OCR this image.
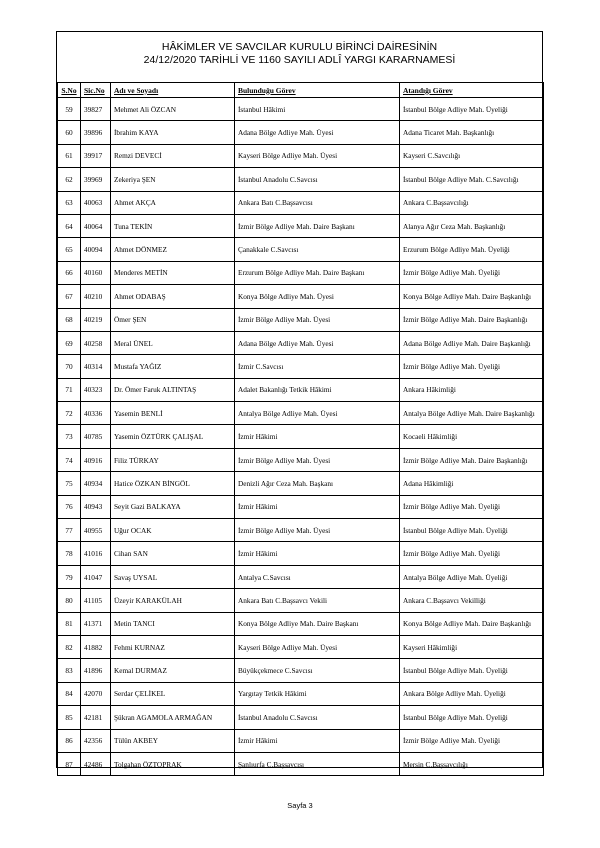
HÂKİMLER VE SAVCILAR KURULU BİRİNCİ DAİRESİNİN
24/12/2020 TARİHLİ VE 1160 SAYILI ADLÎ YARGI KARARNAMESİ
S.No	Sic.No	Adı ve Soyadı	Bulunduğu Görev	Atandığı Görev
59	39827	Mehmet Ali ÖZCAN	İstanbul Hâkimi	İstanbul Bölge Adliye Mah. Üyeliği
60	39896	İbrahim KAYA	Adana Bölge Adliye Mah. Üyesi	Adana Ticaret Mah. Başkanlığı
61	39917	Remzi DEVECİ	Kayseri Bölge Adliye Mah. Üyesi	Kayseri C.Savcılığı
62	39969	Zekeriya ŞEN	İstanbul Anadolu C.Savcısı	İstanbul Bölge Adliye Mah. C.Savcılığı
63	40063	Ahmet AKÇA	Ankara Batı C.Başsavcısı	Ankara C.Başsavcılığı
64	40064	Tuna TEKİN	İzmir Bölge Adliye Mah. Daire Başkanı	Alanya Ağır Ceza Mah. Başkanlığı
65	40094	Ahmet DÖNMEZ	Çanakkale C.Savcısı	Erzurum Bölge Adliye Mah. Üyeliği
66	40160	Menderes METİN	Erzurum Bölge Adliye Mah. Daire Başkanı	İzmir Bölge Adliye Mah. Üyeliği
67	40210	Ahmet ODABAŞ	Konya Bölge Adliye Mah. Üyesi	Konya Bölge Adliye Mah. Daire Başkanlığı
68	40219	Ömer ŞEN	İzmir Bölge Adliye Mah. Üyesi	İzmir Bölge Adliye Mah. Daire Başkanlığı
69	40258	Meral ÜNEL	Adana Bölge Adliye Mah. Üyesi	Adana Bölge Adliye Mah. Daire Başkanlığı
70	40314	Mustafa YAĞIZ	İzmir C.Savcısı	İzmir Bölge Adliye Mah. Üyeliği
71	40323	Dr. Ömer Faruk ALTINTAŞ	Adalet Bakanlığı Tetkik Hâkimi	Ankara Hâkimliği
72	40336	Yasemin BENLİ	Antalya Bölge Adliye Mah. Üyesi	Antalya Bölge Adliye Mah. Daire Başkanlığı
73	40785	Yasemin ÖZTÜRK ÇALIŞAL	İzmir Hâkimi	Kocaeli Hâkimliği
74	40916	Filiz TÜRKAY	İzmir Bölge Adliye Mah. Üyesi	İzmir Bölge Adliye Mah. Daire Başkanlığı
75	40934	Hatice ÖZKAN BİNGÖL	Denizli Ağır Ceza Mah. Başkanı	Adana Hâkimliği
76	40943	Seyit Gazi BALKAYA	İzmir Hâkimi	İzmir Bölge Adliye Mah. Üyeliği
77	40955	Uğur OCAK	İzmir Bölge Adliye Mah. Üyesi	İstanbul Bölge Adliye Mah. Üyeliği
78	41016	Cihan SAN	İzmir Hâkimi	İzmir Bölge Adliye Mah. Üyeliği
79	41047	Savaş UYSAL	Antalya C.Savcısı	Antalya Bölge Adliye Mah. Üyeliği
80	41105	Üzeyir KARAKÜLAH	Ankara Batı C.Başsavcı Vekili	Ankara C.Başsavcı Vekilliği
81	41371	Metin TANCI	Konya Bölge Adliye Mah. Daire Başkanı	Konya Bölge Adliye Mah. Daire Başkanlığı
82	41882	Fehmi KURNAZ	Kayseri Bölge Adliye Mah. Üyesi	Kayseri Hâkimliği
83	41896	Kemal DURMAZ	Büyükçekmece C.Savcısı	İstanbul Bölge Adliye Mah. Üyeliği
84	42070	Serdar ÇELİKEL	Yargıtay Tetkik Hâkimi	Ankara Bölge Adliye Mah. Üyeliği
85	42181	Şükran AGAMOLA ARMAĞAN	İstanbul Anadolu C.Savcısı	İstanbul Bölge Adliye Mah. Üyeliği
86	42356	Tülün AKBEY	İzmir Hâkimi	İzmir Bölge Adliye Mah. Üyeliği
87	42486	Tolgahan ÖZTOPRAK	Şanlıurfa C.Başsavcısı	Mersin C.Başsavcılığı
Sayfa 3
